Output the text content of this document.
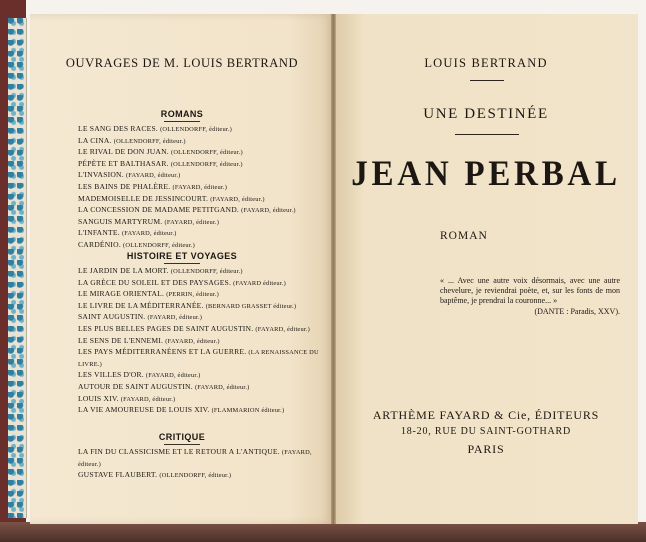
OUVRAGES DE M. LOUIS BERTRAND
ROMANS

LE SANG DES RACES. (OLLENDORFF, éditeur.)

LA CINA. (OLLENDORFF, éditeur.)

LE RIVAL DE DON JUAN. (OLLENDORFF, éditeur.)

PÉPÈTE ET BALTHASAR. (OLLENDORFF, éditeur.)

L'INVASION. (FAYARD, éditeur.)

LES BAINS DE PHALÈRE. (FAYARD, éditeur.)

MADEMOISELLE DE JESSINCOURT. (FAYARD, éditeur.)

LA CONCESSION DE MADAME PETITGAND. (FAYARD, éditeur.)

SANGUIS MARTYRUM. (FAYARD, éditeur.)

L'INFANTE. (FAYARD, éditeur.)

CARDÉNIO. (OLLENDORFF, éditeur.)

HISTOIRE ET VOYAGES

LE JARDIN DE LA MORT. (OLLENDORFF, éditeur.)

LA GRÈCE DU SOLEIL ET DES PAYSAGES. (FAYARD éditeur.)

LE MIRAGE ORIENTAL. (PERRIN, éditeur.)

LE LIVRE DE LA MÉDITERRANÉE. (BERNARD GRASSET éditeur.)

SAINT AUGUSTIN. (FAYARD, éditeur.)

LES PLUS BELLES PAGES DE SAINT AUGUSTIN. (FAYARD, éditeur.)

LE SENS DE L'ENNEMI. (FAYARD, éditeur.)

LES PAYS MÉDITERRANÉENS ET LA GUERRE. (LA RENAISSANCE DU LIVRE.)

LES VILLES D'OR. (FAYARD, éditeur.)

AUTOUR DE SAINT AUGUSTIN. (FAYARD, éditeur.)

LOUIS XIV. (FAYARD, éditeur.)

LA VIE AMOUREUSE DE LOUIS XIV. (FLAMMARION éditeur.)

CRITIQUE

LA FIN DU CLASSICISME ET LE RETOUR A L'ANTIQUE. (FAYARD, éditeur.)

GUSTAVE FLAUBERT. (OLLENDORFF, éditeur.)

LOUIS BERTRAND
UNE DESTINÉE
JEAN PERBAL
ROMAN
« ... Avec une autre voix désormais, avec une autre chevelure, je reviendrai poète, et, sur les fonts de mon baptême, je prendrai la couronne... »
(DANTE : Paradis, XXV).
ARTHÈME FAYARD & Cie, ÉDITEURS
18-20, RUE DU SAINT-GOTHARD
PARIS
